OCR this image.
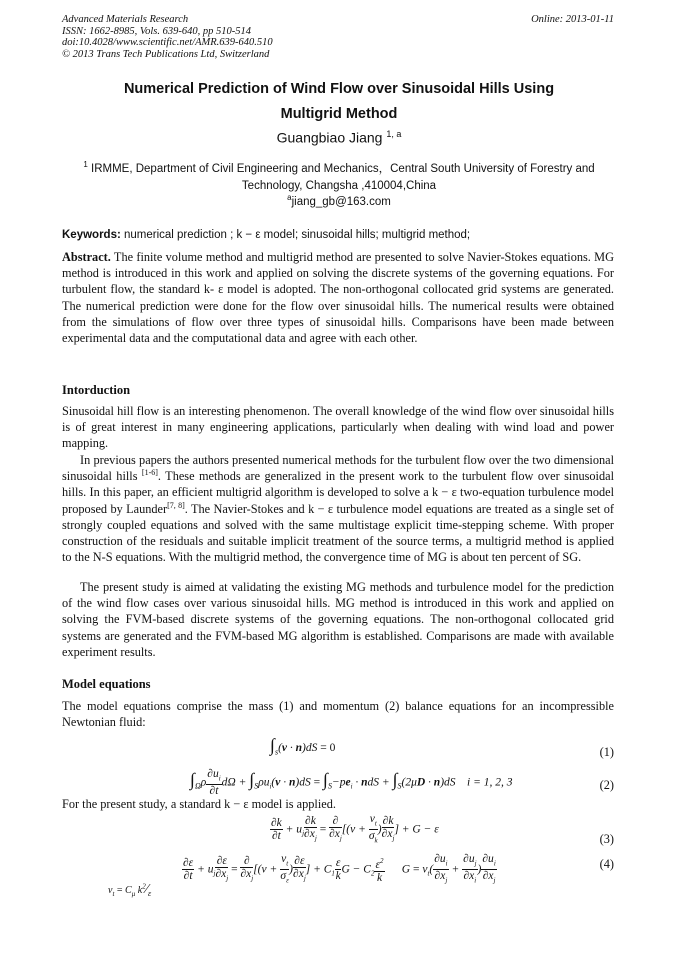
Advanced Materials Research
ISSN: 1662-8985, Vols. 639-640, pp 510-514
doi:10.4028/www.scientific.net/AMR.639-640.510
© 2013 Trans Tech Publications Ltd, Switzerland
Online: 2013-01-11
Numerical Prediction of Wind Flow over Sinusoidal Hills Using
Multigrid Method
Guangbiao Jiang $^{1, a}$
$^1$ IRMME, Department of Civil Engineering and Mechanics，Central South University of Forestry and Technology, Changsha ,410004,China
$^a$jiang_gb@163.com
Keywords: numerical prediction ; k − ε model; sinusoidal hills; multigrid method;
Abstract. The finite volume method and multigrid method are presented to solve Navier-Stokes equations. MG method is introduced in this work and applied on solving the discrete systems of the governing equations. For turbulent flow, the standard k- ε model is adopted. The non-orthogonal collocated grid systems are generated. The numerical prediction were done for the flow over sinusoidal hills. The numerical results were obtained from the simulations of flow over three types of sinusoidal hills. Comparisons have been made between experimental data and the computational data and agree with each other.
Intorduction
Sinusoidal hill flow is an interesting phenomenon. The overall knowledge of the wind flow over sinusoidal hills is of great interest in many engineering applications, particularly when dealing with wind load and power mapping.
In previous papers the authors presented numerical methods for the turbulent flow over the two dimensional sinusoidal hills [1-6]. These methods are generalized in the present work to the turbulent flow over sinusoidal hills. In this paper, an efficient multigrid algorithm is developed to solve a k − ε two-equation turbulence model proposed by Launder[7, 8]. The Navier-Stokes and k − ε turbulence model equations are treated as a single set of strongly coupled equations and solved with the same multistage explicit time-stepping scheme. With proper construction of the residuals and suitable implicit treatment of the source terms, a multigrid method is applied to the N-S equations. With the multigrid method, the convergence time of MG is about ten percent of SG.
The present study is aimed at validating the existing MG methods and turbulence model for the prediction of the wind flow cases over various sinusoidal hills. MG method is introduced in this work and applied on solving the FVM-based discrete systems of the governing equations. The non-orthogonal collocated grid systems are generated and the FVM-based MG algorithm is established. Comparisons are made with available experiment results.
Model equations
The model equations comprise the mass (1) and momentum (2) balance equations for an incompressible Newtonian fluid:
$\int_s(v \cdot n)dS = 0$	(1)
$\int_\Omega\rho \frac{\partial u_i}{\partial t}$ $d\Omega + \int_S\rho u_i(v \cdot n)dS = \int_S-pe_i$ · ndS + $\int_S(2\mu D \cdot n)dS$    i = 1, 2, 3	(2)
For the present study, a standard k − ε model is applied.
$\frac{\partial k}{\partial t} + u_j \frac{\partial k}{\partial x_j} = \frac{\partial}{\partial x_j} [(\nu + \frac{\nu_t}{\sigma_k}$ ) $\frac{\partial k}{\partial x_j}$ ] + G − ε
(3)
$\frac{\partial\varepsilon}{\partial t} + u_j \frac{\partial\varepsilon}{\partial x_j} = \frac{\partial}{\partial x_j} [(\nu + \frac{\nu_t}{\sigma_\varepsilon}$ ) $\frac{\partial\varepsilon}{\partial x_j}$ ] + $C_1 \frac{\varepsilon}{k}$ $G - C_2 \frac{\varepsilon^2}{k}$ $G = \nu_t( \frac{\partial u_i}{\partial x_j} + \frac{\partial u_j}{\partial x_i}$ ) $\frac{\partial u_i}{\partial x_j}$	(4)
$\nu_t = C_\mu$ $k^2⁄_\varepsilon$
